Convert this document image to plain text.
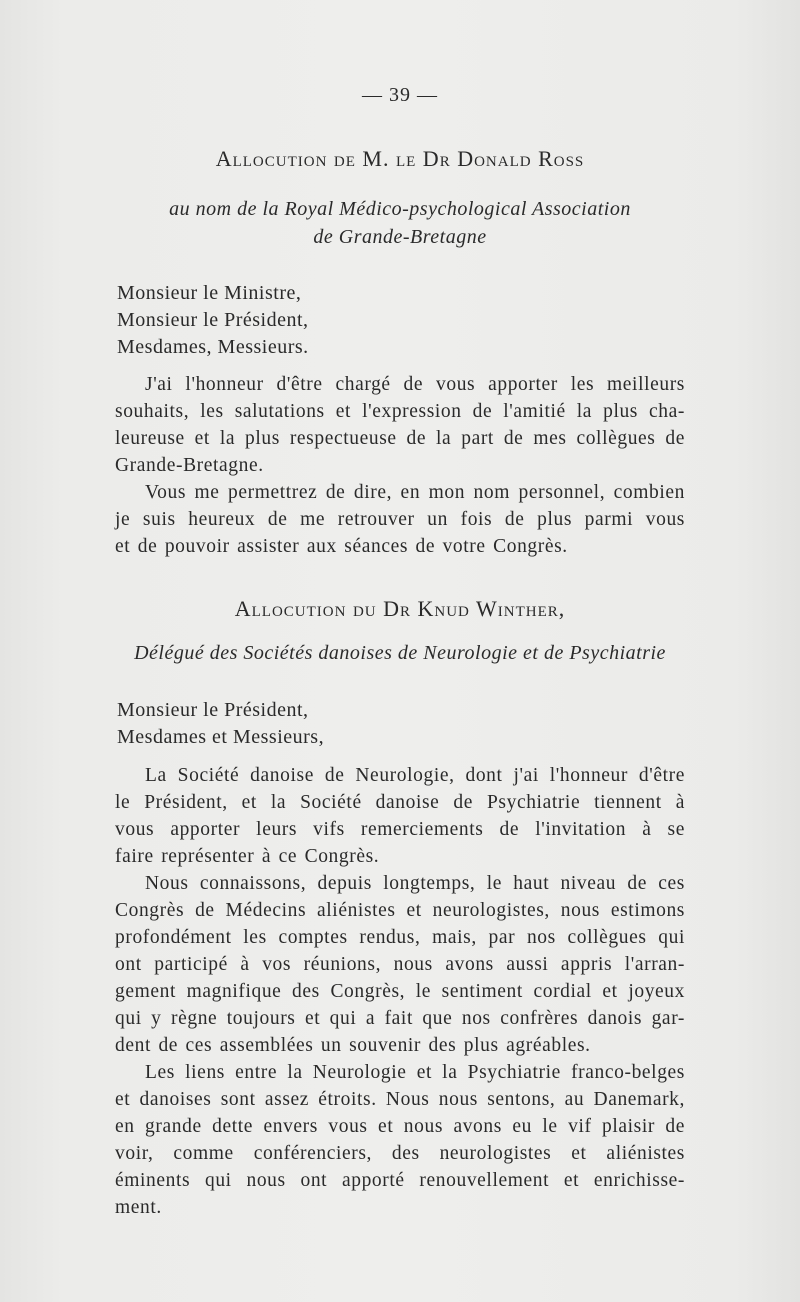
— 39 —
Allocution de M. le Dr Donald Ross
au nom de la Royal Médico-psychological Association
de Grande-Bretagne
Monsieur le Ministre,
Monsieur le Président,
Mesdames, Messieurs.
J'ai l'honneur d'être chargé de vous apporter les meilleurs
souhaits, les salutations et l'expression de l'amitié la plus cha-
leureuse et la plus respectueuse de la part de mes collègues de
Grande-Bretagne.
Vous me permettrez de dire, en mon nom personnel, combien
je suis heureux de me retrouver un fois de plus parmi vous
et de pouvoir assister aux séances de votre Congrès.
Allocution du Dr Knud Winther,
Délégué des Sociétés danoises de Neurologie et de Psychiatrie
Monsieur le Président,
Mesdames et Messieurs,
La Société danoise de Neurologie, dont j'ai l'honneur d'être
le Président, et la Société danoise de Psychiatrie tiennent à
vous apporter leurs vifs remerciements de l'invitation à se
faire représenter à ce Congrès.
Nous connaissons, depuis longtemps, le haut niveau de ces
Congrès de Médecins aliénistes et neurologistes, nous estimons
profondément les comptes rendus, mais, par nos collègues qui
ont participé à vos réunions, nous avons aussi appris l'arran-
gement magnifique des Congrès, le sentiment cordial et joyeux
qui y règne toujours et qui a fait que nos confrères danois gar-
dent de ces assemblées un souvenir des plus agréables.
Les liens entre la Neurologie et la Psychiatrie franco-belges
et danoises sont assez étroits. Nous nous sentons, au Danemark,
en grande dette envers vous et nous avons eu le vif plaisir de
voir, comme conférenciers, des neurologistes et aliénistes
éminents qui nous ont apporté renouvellement et enrichisse-
ment.
